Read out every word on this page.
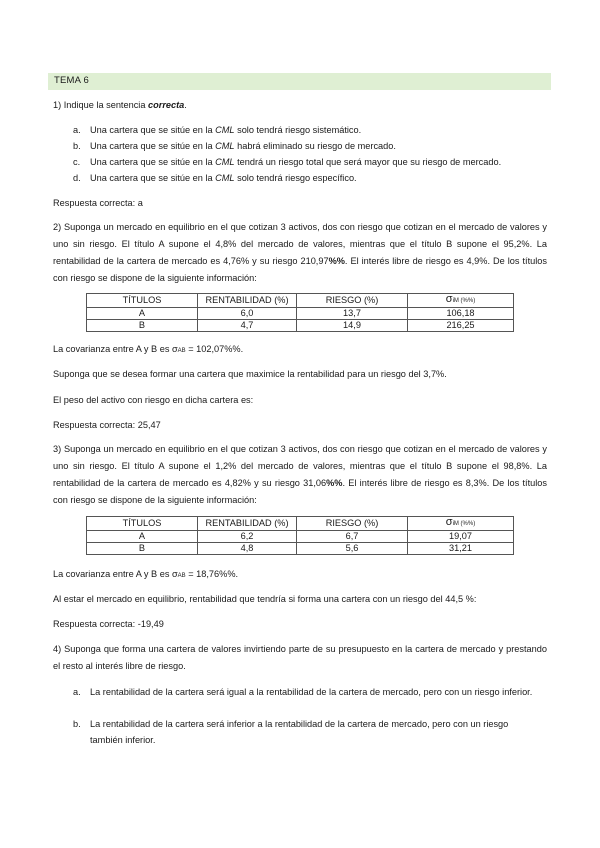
TEMA 6
1) Indique la sentencia correcta.
a. Una cartera que se sitúe en la CML solo tendrá riesgo sistemático.
b. Una cartera que se sitúe en la CML habrá eliminado su riesgo de mercado.
c. Una cartera que se sitúe en la CML tendrá un riesgo total que será mayor que su riesgo de mercado.
d. Una cartera que se sitúe en la CML solo tendrá riesgo específico.
Respuesta correcta: a
2) Suponga un mercado en equilibrio en el que cotizan 3 activos, dos con riesgo que cotizan en el mercado de valores y uno sin riesgo. El título A supone el 4,8% del mercado de valores, mientras que el título B supone el 95,2%. La rentabilidad de la cartera de mercado es 4,76% y su riesgo 210,97%%. El interés libre de riesgo es 4,9%. De los títulos con riesgo se dispone de la siguiente información:
TÍTULOS	RENTABILIDAD (%)	RIESGO (%)	σiM (%%)
A	6,0	13,7	106,18
B	4,7	14,9	216,25
La covarianza entre A y B es σAB = 102,07%%.
Suponga que se desea formar una cartera que maximice la rentabilidad para un riesgo del 3,7%.
El peso del activo con riesgo en dicha cartera es:
Respuesta correcta: 25,47
3) Suponga un mercado en equilibrio en el que cotizan 3 activos, dos con riesgo que cotizan en el mercado de valores y uno sin riesgo. El título A supone el 1,2% del mercado de valores, mientras que el título B supone el 98,8%. La rentabilidad de la cartera de mercado es 4,82% y su riesgo 31,06%%. El interés libre de riesgo es 8,3%. De los títulos con riesgo se dispone de la siguiente información:
TÍTULOS	RENTABILIDAD (%)	RIESGO (%)	σiM (%%)
A	6,2	6,7	19,07
B	4,8	5,6	31,21
La covarianza entre A y B es σAB = 18,76%%.
Al estar el mercado en equilibrio, rentabilidad que tendría si forma una cartera con un riesgo del 44,5 %:
Respuesta correcta: -19,49
4) Suponga que forma una cartera de valores invirtiendo parte de su presupuesto en la cartera de mercado y prestando el resto al interés libre de riesgo.
a. La rentabilidad de la cartera será igual a la rentabilidad de la cartera de mercado, pero con un riesgo inferior.
b. La rentabilidad de la cartera será inferior a la rentabilidad de la cartera de mercado, pero con un riesgo también inferior.
